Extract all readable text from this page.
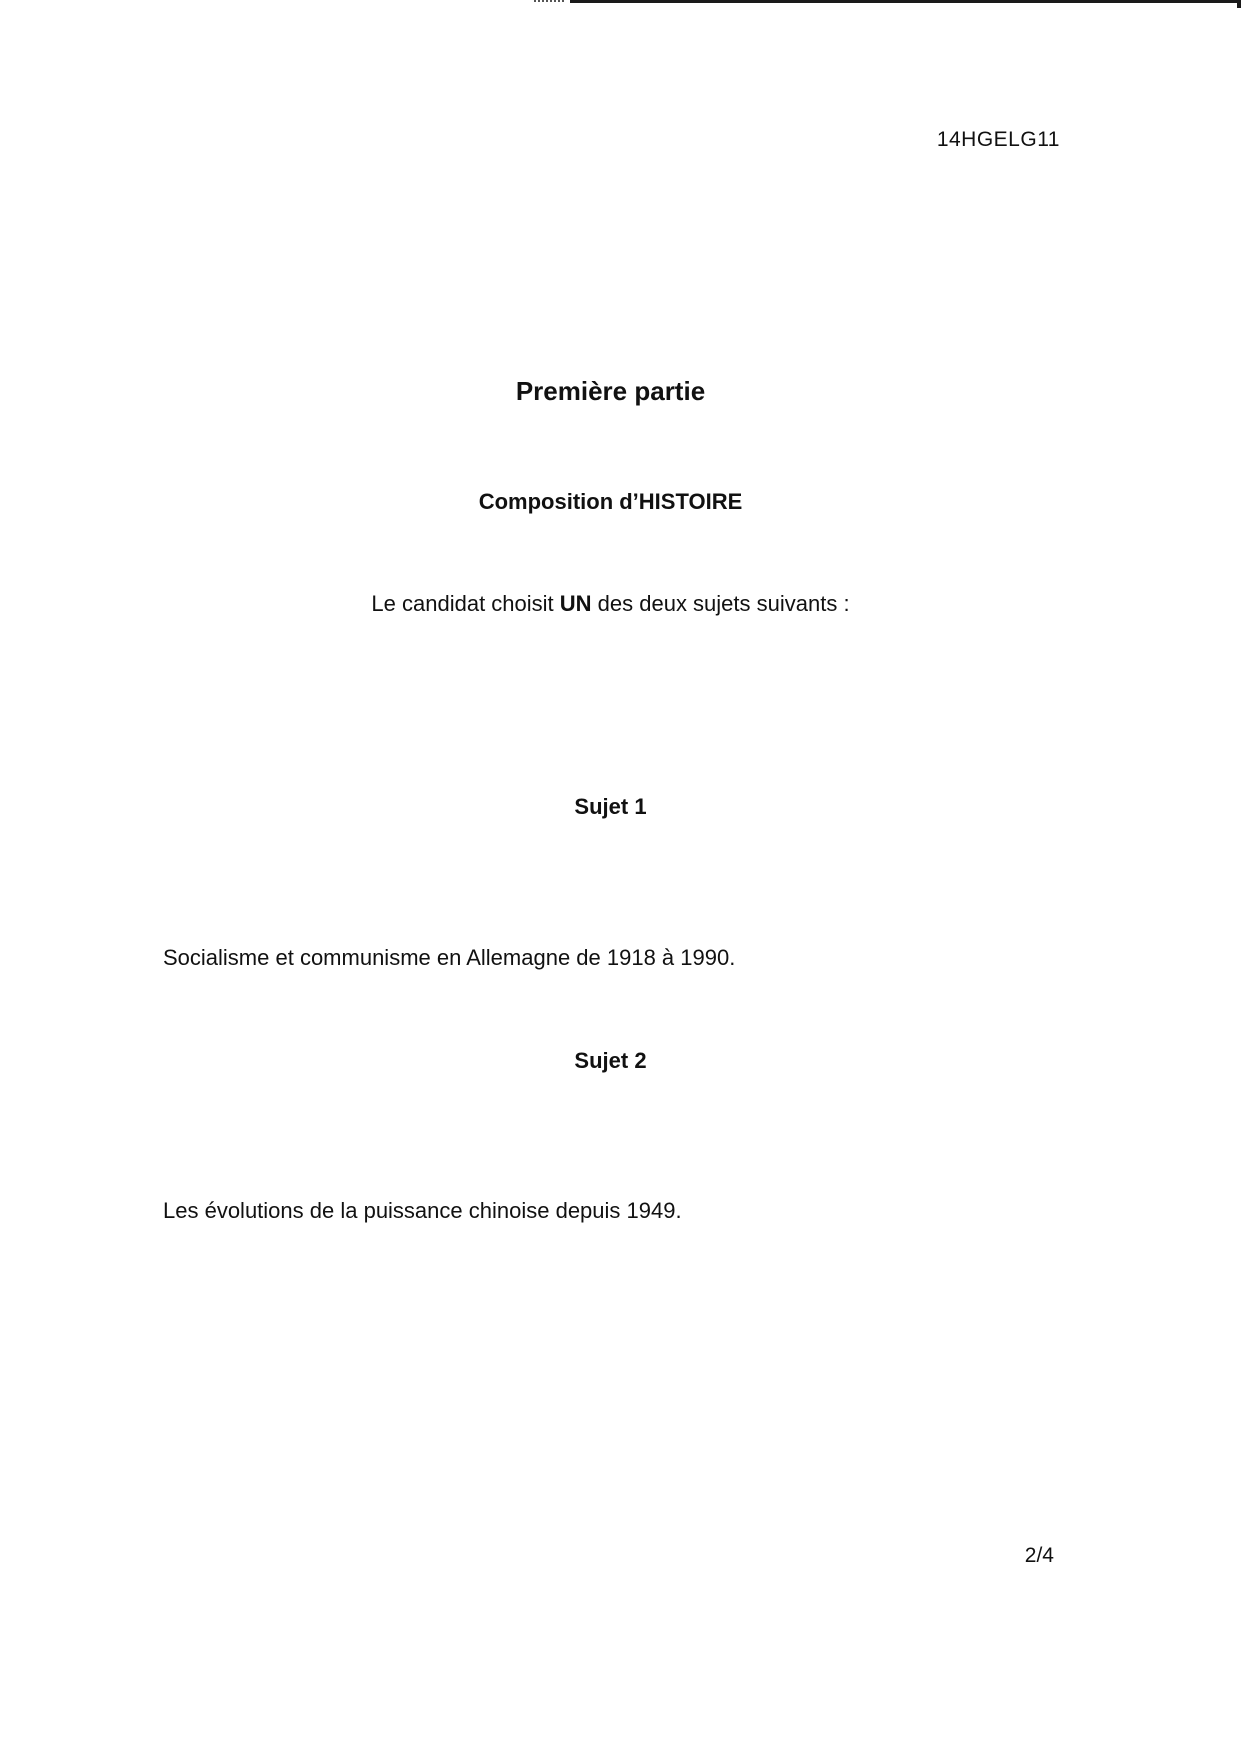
14HGELG11
Première partie
Composition d’HISTOIRE
Le candidat choisit UN des deux sujets suivants :
Sujet 1
Socialisme et communisme en Allemagne de 1918 à 1990.
Sujet 2
Les évolutions de la puissance chinoise depuis 1949.
2/4
